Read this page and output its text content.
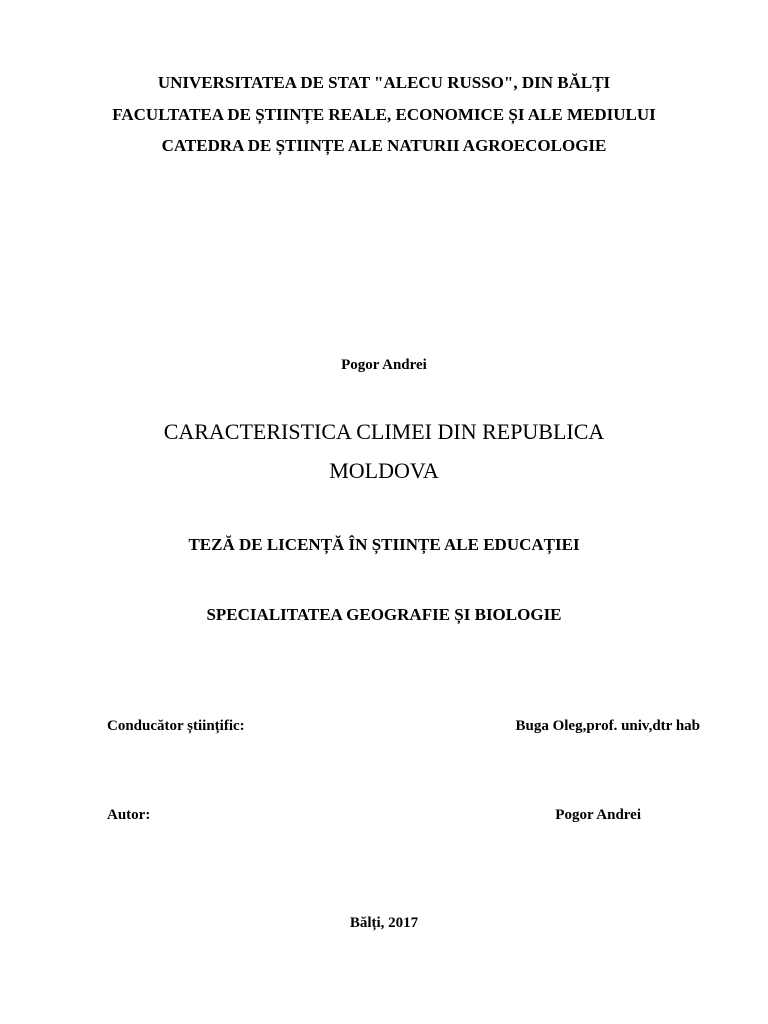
UNIVERSITATEA DE STAT "ALECU RUSSO", DIN BĂLȚI
FACULTATEA DE ȘTIINȚE REALE, ECONOMICE ȘI ALE MEDIULUI
CATEDRA DE ȘTIINȚE ALE NATURII AGROECOLOGIE
Pogor Andrei
CARACTERISTICA CLIMEI DIN REPUBLICA
MOLDOVA
TEZĂ DE LICENȚĂ ÎN ȘTIINȚE ALE EDUCAȚIEI
SPECIALITATEA GEOGRAFIE ȘI BIOLOGIE
Conducător științific:	Buga Oleg,prof. univ,dtr hab
Autor:	Pogor Andrei
Bălți, 2017
